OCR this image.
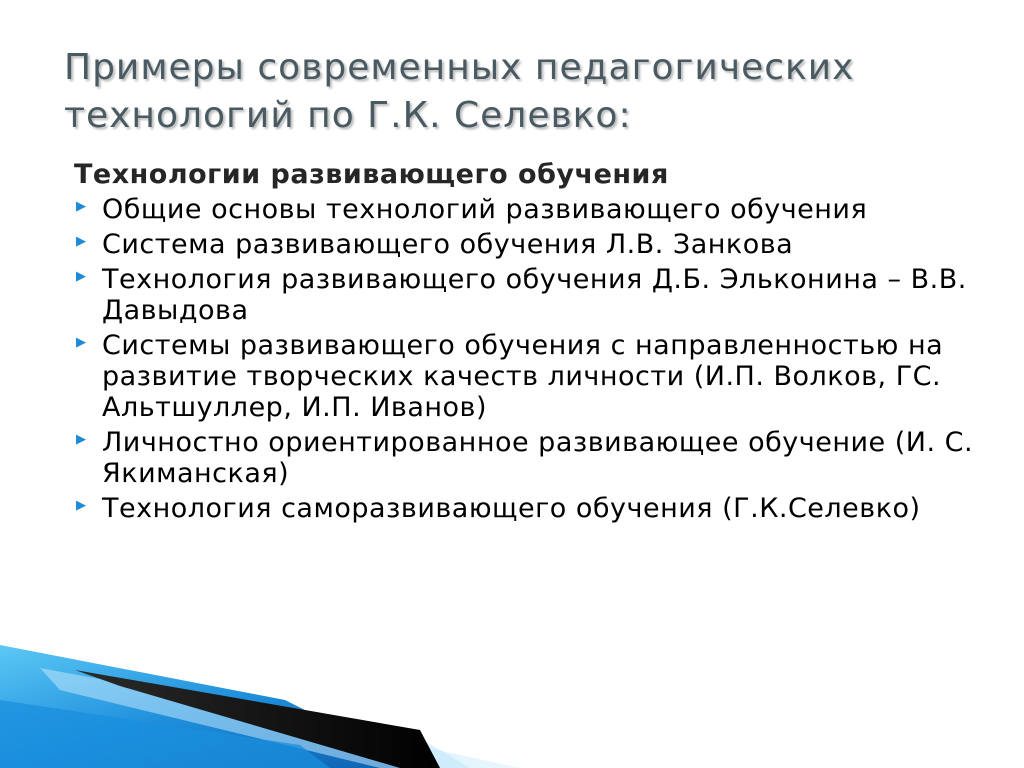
Примеры современных педагогических
технологий по Г.К. Селевко:
Технологии развивающего обучения
▶ Общие основы технологий развивающего обучения
▶ Система развивающего обучения Л.В. Занкова
▶ Технология развивающего обучения Д.Б. Эльконина – В.В. Давыдова
▶ Системы развивающего обучения с направленностью на развитие творческих качеств личности (И.П. Волков, ГС. Альтшуллер, И.П. Иванов)
▶ Личностно ориентированное развивающее обучение (И. С. Якиманская)
▶ Технология саморазвивающего обучения (Г.К.Селевко)
